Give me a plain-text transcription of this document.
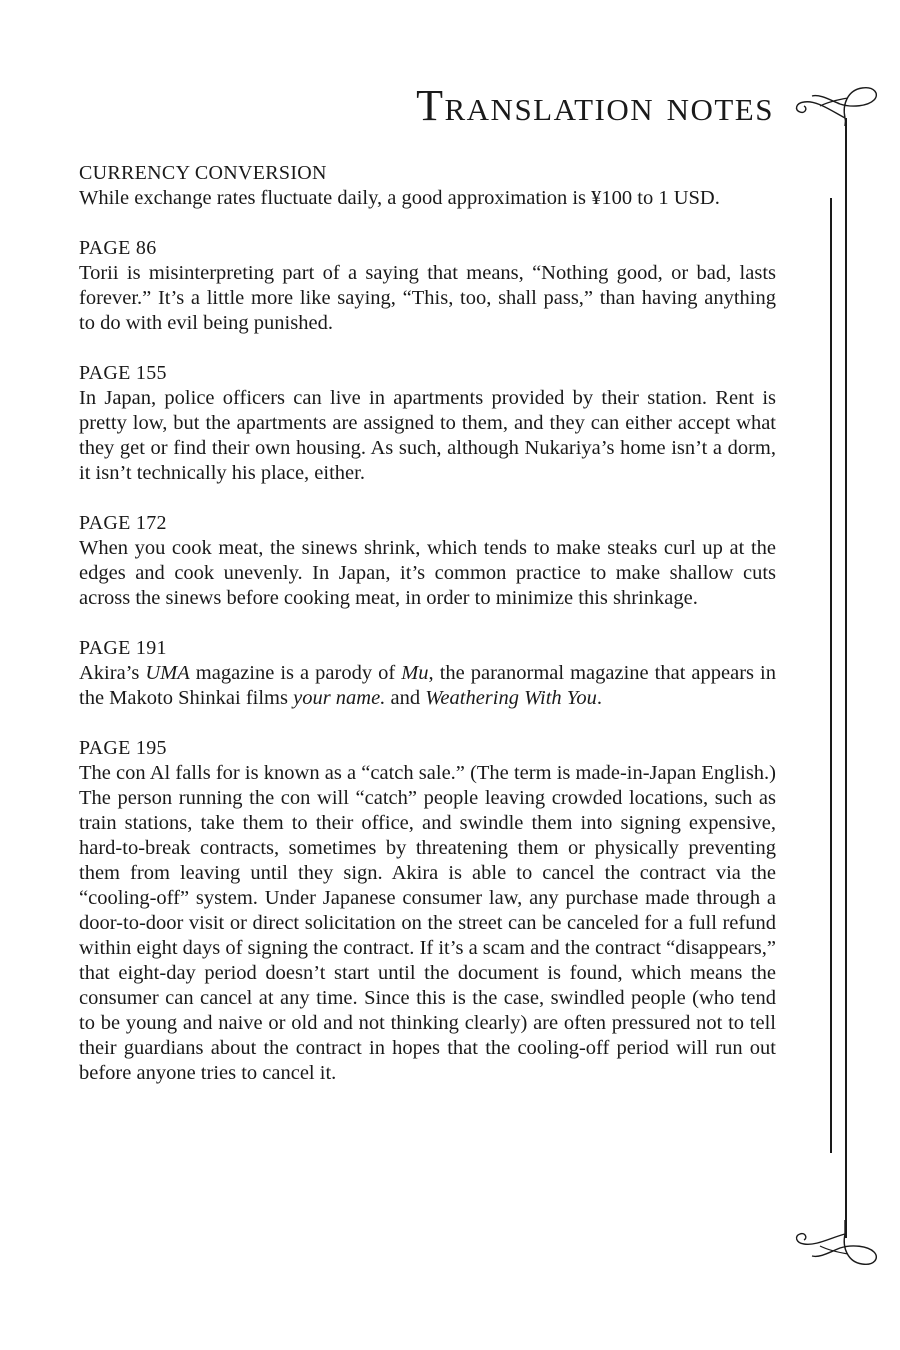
Translation notes

CURRENCY CONVERSION

While exchange rates fluctuate daily, a good approximation is ¥100 to 1 USD.

PAGE 86

Torii is misinterpreting part of a saying that means, “Nothing good, or bad, lasts forever.” It’s a little more like saying, “This, too, shall pass,” than having anything to do with evil being punished.

PAGE 155

In Japan, police officers can live in apartments provided by their station. Rent is pretty low, but the apartments are assigned to them, and they can either accept what they get or find their own housing. As such, although Nukariya’s home isn’t a dorm, it isn’t technically his place, either.

PAGE 172

When you cook meat, the sinews shrink, which tends to make steaks curl up at the edges and cook unevenly. In Japan, it’s common practice to make shallow cuts across the sinews before cooking meat, in order to minimize this shrinkage.

PAGE 191

Akira’s UMA magazine is a parody of Mu, the paranormal magazine that appears in the Makoto Shinkai films your name. and Weathering With You.

PAGE 195

The con Al falls for is known as a “catch sale.” (The term is made-in-Japan English.) The person running the con will “catch” people leaving crowded locations, such as train stations, take them to their office, and swindle them into signing expensive, hard-to-break contracts, sometimes by threatening them or physically preventing them from leaving until they sign. Akira is able to cancel the contract via the “cooling-off” system. Under Japanese consumer law, any purchase made through a door-to-door visit or direct solicitation on the street can be canceled for a full refund within eight days of signing the contract. If it’s a scam and the contract “disappears,” that eight-day period doesn’t start until the document is found, which means the consumer can cancel at any time. Since this is the case, swindled people (who tend to be young and naive or old and not thinking clearly) are often pressured not to tell their guardians about the contract in hopes that the cooling-off period will run out before anyone tries to cancel it.
